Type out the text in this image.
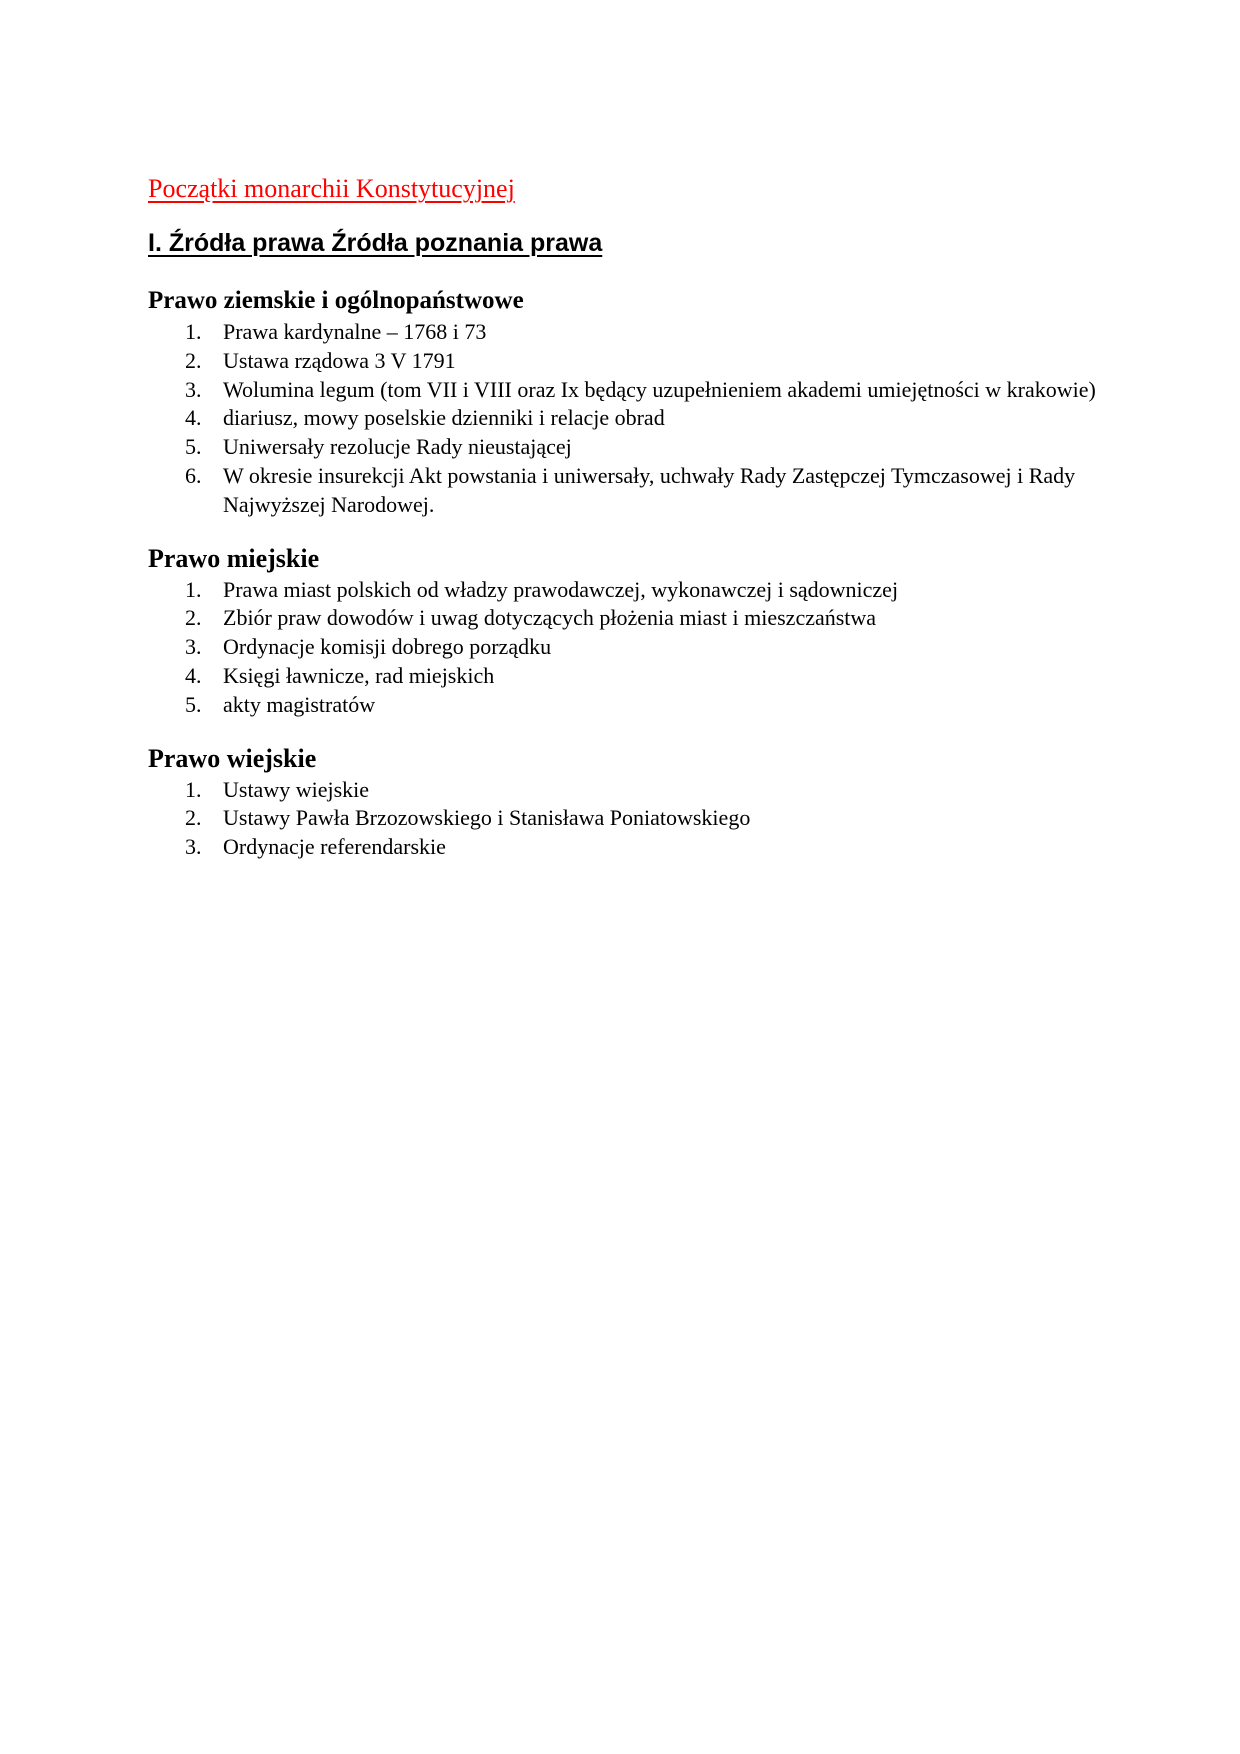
Początki monarchii Konstytucyjnej
I. Źródła prawa Źródła poznania prawa
Prawo ziemskie i ogólnopaństwowe
1. Prawa kardynalne – 1768 i 73
2. Ustawa rządowa 3 V 1791
3. Wolumina legum (tom VII i VIII oraz Ix będący uzupełnieniem akademi umiejętności w krakowie)
4. diariusz, mowy poselskie dzienniki i relacje obrad
5. Uniwersały rezolucje Rady nieustającej
6. W okresie insurekcji Akt powstania i uniwersały, uchwały Rady Zastępczej Tymczasowej i Rady Najwyższej Narodowej.
Prawo miejskie
1. Prawa miast polskich od władzy prawodawczej, wykonawczej i sądowniczej
2. Zbiór praw dowodów i uwag dotyczących płożenia miast i mieszczaństwa
3. Ordynacje komisji dobrego porządku
4. Księgi ławnicze, rad miejskich
5. akty magistratów
Prawo wiejskie
1. Ustawy wiejskie
2. Ustawy Pawła Brzozowskiego i Stanisława Poniatowskiego
3. Ordynacje referendarskie
